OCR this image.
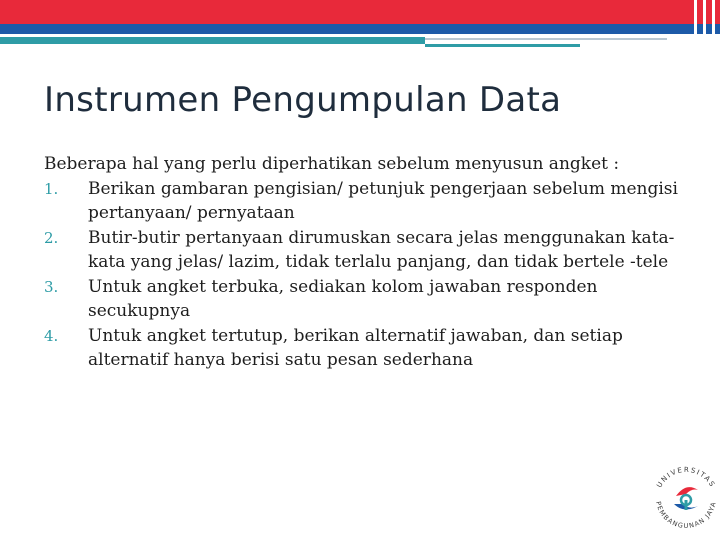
Instrumen Pengumpulan Data

Beberapa hal yang perlu diperhatikan sebelum menyusun angket :

1. Berikan gambaran pengisian/ petunjuk pengerjaan sebelum mengisi pertanyaan/ pernyataan
2. Butir-butir pertanyaan dirumuskan secara jelas menggunakan kata-kata yang jelas/ lazim, tidak terlalu panjang, dan tidak bertele -tele
3. Untuk angket terbuka, sediakan kolom jawaban responden secukupnya
4. Untuk angket tertutup, berikan alternatif jawaban, dan setiap alternatif hanya berisi satu pesan sederhana
UNIVERSITAS
PEMBANGUNAN JAYA
